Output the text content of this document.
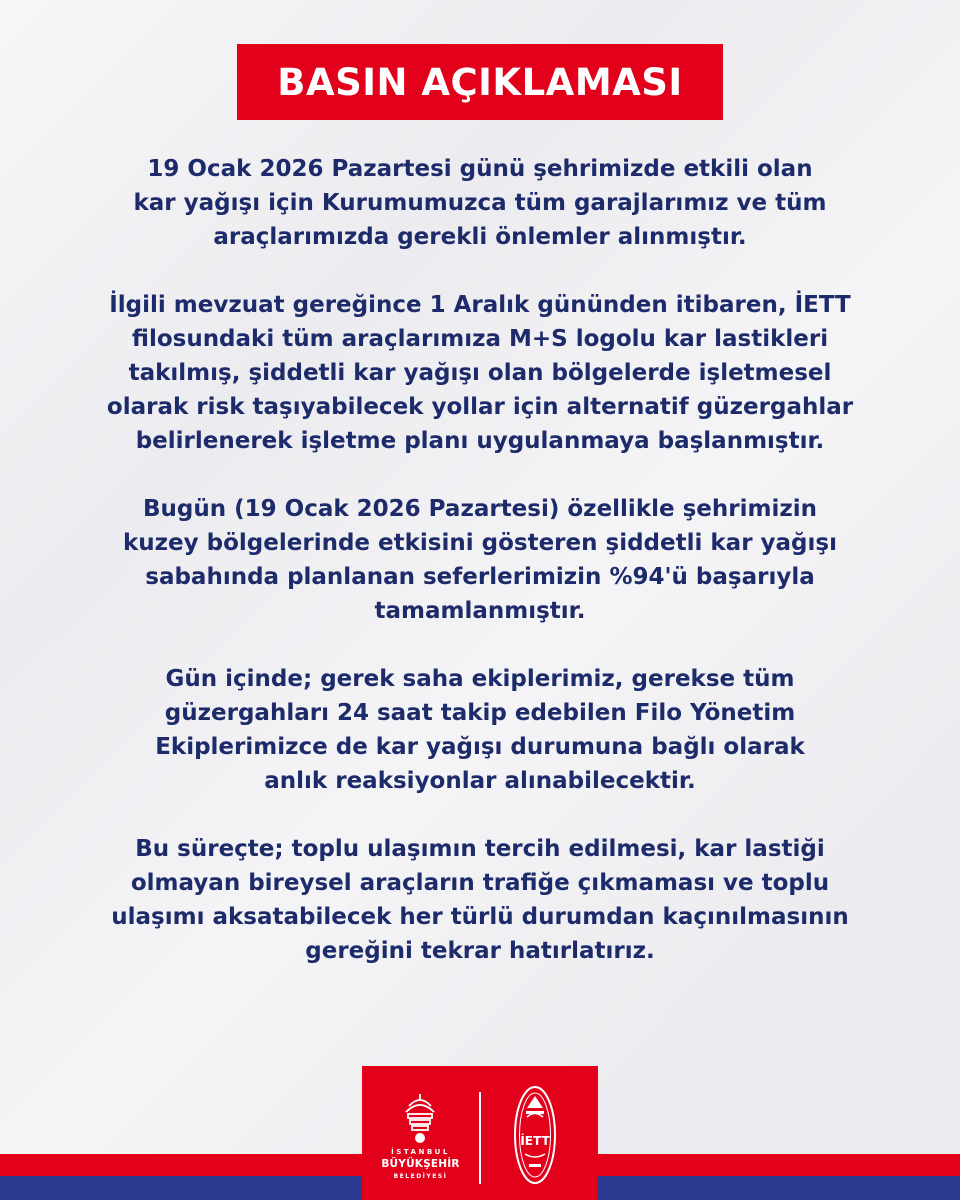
BASIN AÇIKLAMASI

19 Ocak 2026 Pazartesi günü şehrimizde etkili olan
kar yağışı için Kurumumuzca tüm garajlarımız ve tüm
araçlarımızda gerekli önlemler alınmıştır.

İlgili mevzuat gereğince 1 Aralık gününden itibaren, İETT
filosundaki tüm araçlarımıza M+S logolu kar lastikleri
takılmış, şiddetli kar yağışı olan bölgelerde işletmesel
olarak risk taşıyabilecek yollar için alternatif güzergahlar
belirlenerek işletme planı uygulanmaya başlanmıştır.

Bugün (19 Ocak 2026 Pazartesi) özellikle şehrimizin
kuzey bölgelerinde etkisini gösteren şiddetli kar yağışı
sabahında planlanan seferlerimizin %94'ü başarıyla
tamamlanmıştır.

Gün içinde; gerek saha ekiplerimiz, gerekse tüm
güzergahları 24 saat takip edebilen Filo Yönetim
Ekiplerimizce de kar yağışı durumuna bağlı olarak
anlık reaksiyonlar alınabilecektir.

Bu süreçte; toplu ulaşımın tercih edilmesi, kar lastiği
olmayan bireysel araçların trafiğe çıkmaması ve toplu
ulaşımı aksatabilecek her türlü durumdan kaçınılmasının
gereğini tekrar hatırlatırız.

İSTANBUL
BÜYÜKŞEHİR
BELEDİYESİ
İETT
